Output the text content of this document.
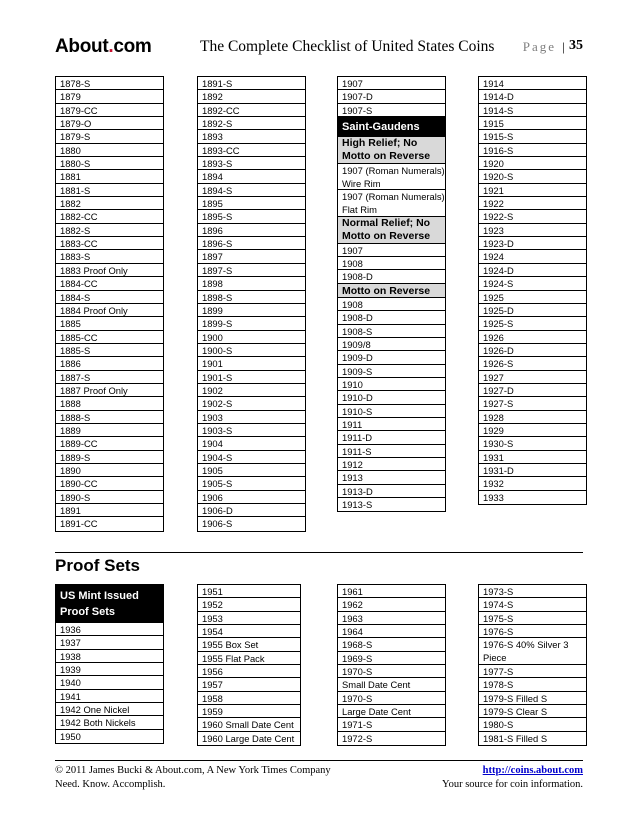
About.com	The Complete Checklist of United States Coins Page | 35
1878-S
1879
1879-CC
1879-O
1879-S
1880
1880-S
1881
1881-S
1882
1882-CC
1882-S
1883-CC
1883-S
1883 Proof Only
1884-CC
1884-S
1884 Proof Only
1885
1885-CC
1885-S
1886
1887-S
1887 Proof Only
1888
1888-S
1889
1889-CC
1889-S
1890
1890-CC
1890-S
1891
1891-CC
1891-S
1892
1892-CC
1892-S
1893
1893-CC
1893-S
1894
1894-S
1895
1895-S
1896
1896-S
1897
1897-S
1898
1898-S
1899
1899-S
1900
1900-S
1901
1901-S
1902
1902-S
1903
1903-S
1904
1904-S
1905
1905-S
1906
1906-D
1906-S
1907
1907-D
1907-S
Saint-Gaudens
High Relief; No Motto on Reverse
1907 (Roman Numerals) Wire Rim
1907 (Roman Numerals) Flat Rim
Normal Relief; No Motto on Reverse
1907
1908
1908-D
Motto on Reverse
1908
1908-D
1908-S
1909/8
1909-D
1909-S
1910
1910-D
1910-S
1911
1911-D
1911-S
1912
1913
1913-D
1913-S
1914
1914-D
1914-S
1915
1915-S
1916-S
1920
1920-S
1921
1922
1922-S
1923
1923-D
1924
1924-D
1924-S
1925
1925-D
1925-S
1926
1926-D
1926-S
1927
1927-D
1927-S
1928
1929
1930-S
1931
1931-D
1932
1933
Proof Sets
US Mint Issued Proof Sets
1936
1937
1938
1939
1940
1941
1942 One Nickel
1942 Both Nickels
1950
1951
1952
1953
1954
1955 Box Set
1955 Flat Pack
1956
1957
1958
1959
1960 Small Date Cent
1960 Large Date Cent
1961
1962
1963
1964
1968-S
1969-S
1970-S
Small Date Cent
1970-S
Large Date Cent
1971-S
1972-S
1973-S
1974-S
1975-S
1976-S
1976-S 40% Silver 3 Piece
1977-S
1978-S
1979-S Filled S
1979-S Clear S
1980-S
1981-S Filled S
© 2011 James Bucki & About.com, A New York Times Company
Need. Know. Accomplish.
http://coins.about.com
Your source for coin information.
